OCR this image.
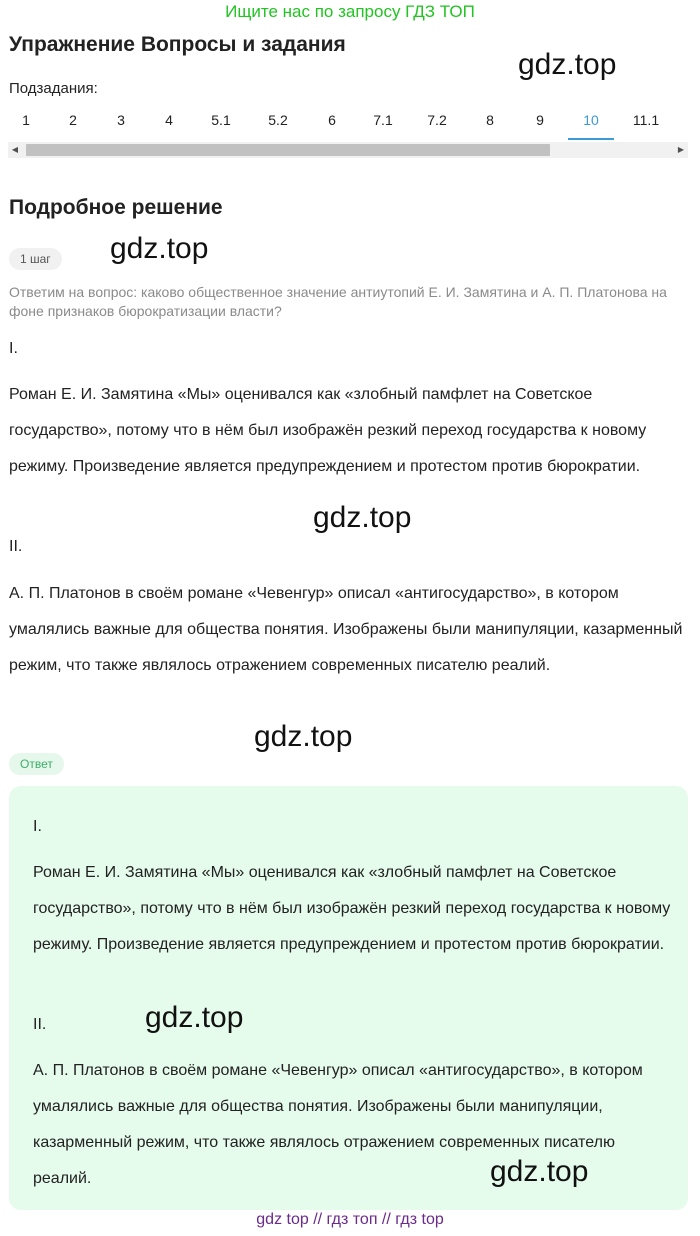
Ищите нас по запросу ГДЗ ТОП
Упражнение Вопросы и задания
gdz.top
Подзадания:
1	2	3	4	5.1	5.2	6	7.1 7.2	8	9	10 11.1
◀	▶
Подробное решение
1 шаг	gdz.top
Ответим на вопрос: каково общественное значение антиутопий Е. И. Замятина и А. П. Платонова на фоне признаков бюрократизации власти?
I.
Роман Е. И. Замятина «Мы» оценивался как «злобный памфлет на Советское государство», потому что в нём был изображён резкий переход государства к новому режиму. Произведение является предупреждением и протестом против бюрократии.
gdz.top
II.
А. П. Платонов в своём романе «Чевенгур» описал «антигосударство», в котором умалялись важные для общества понятия. Изображены были манипуляции, казарменный режим, что также являлось отражением современных писателю реалий.
gdz.top
Ответ
I.
Роман Е. И. Замятина «Мы» оценивался как «злобный памфлет на Советское государство», потому что в нём был изображён резкий переход государства к новому режиму. Произведение является предупреждением и протестом против бюрократии.
II.	gdz.top
А. П. Платонов в своём романе «Чевенгур» описал «антигосударство», в котором умалялись важные для общества понятия. Изображены были манипуляции, казарменный режим, что также являлось отражением современных писателю реалий.	gdz.top
gdz top // гдз топ // гдз top
